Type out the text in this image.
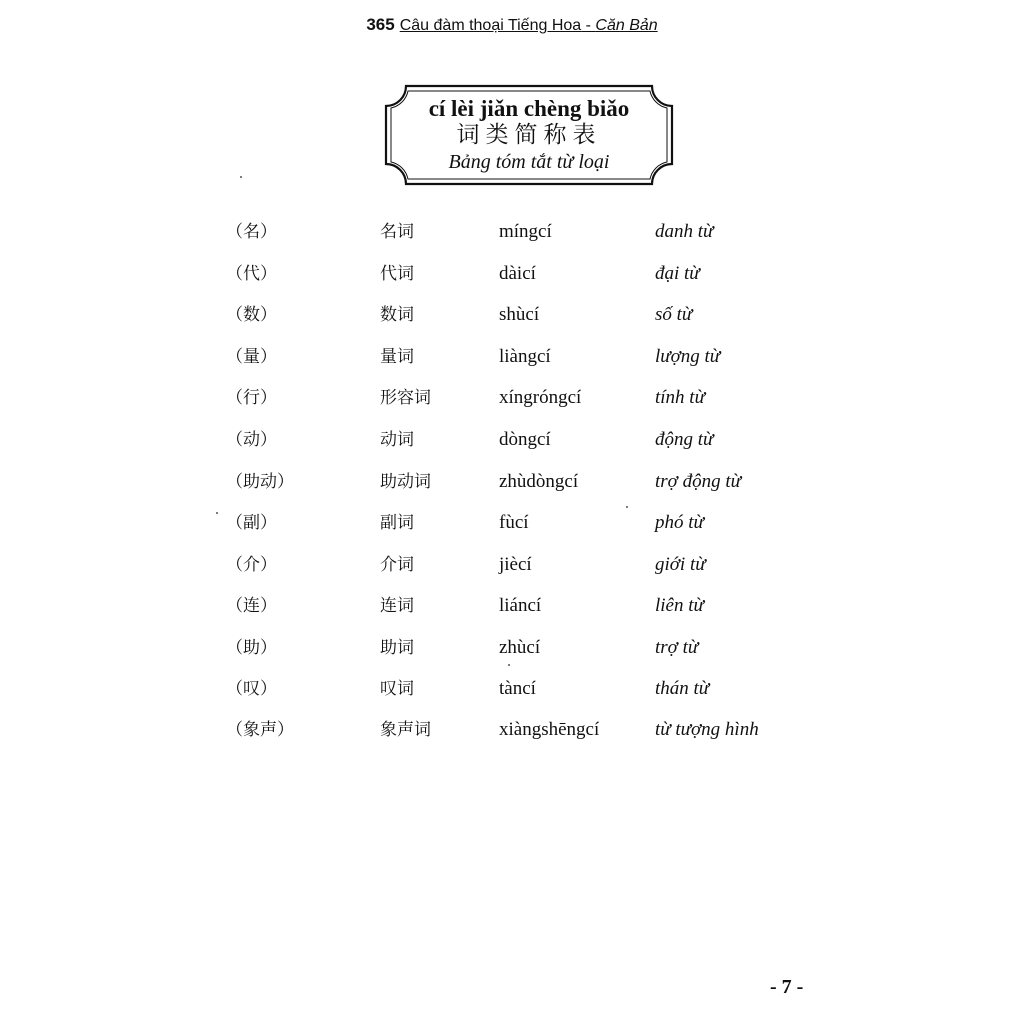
365 Câu đàm thoại Tiếng Hoa - Căn Bản
cí lèi jiǎn chèng biǎo
词类简称表
Bảng tóm tắt từ loại
（名）	名词	míngcí	danh từ
（代）	代词	dàicí	đại từ
（数）	数词	shùcí	số từ
（量）	量词	liàngcí	lượng từ
（行）	形容词	xíngróngcí	tính từ
（动）	动词	dòngcí	động từ
（助动）	助动词	zhùdòngcí	trợ động từ
（副）	副词	fùcí	phó từ
（介）	介词	jiècí	giới từ
（连）	连词	liáncí	liên từ
（助）	助词	zhùcí	trợ từ
（叹）	叹词	tàncí	thán từ
（象声）	象声词	xiàngshēngcí	từ tượng hình
- 7 -
